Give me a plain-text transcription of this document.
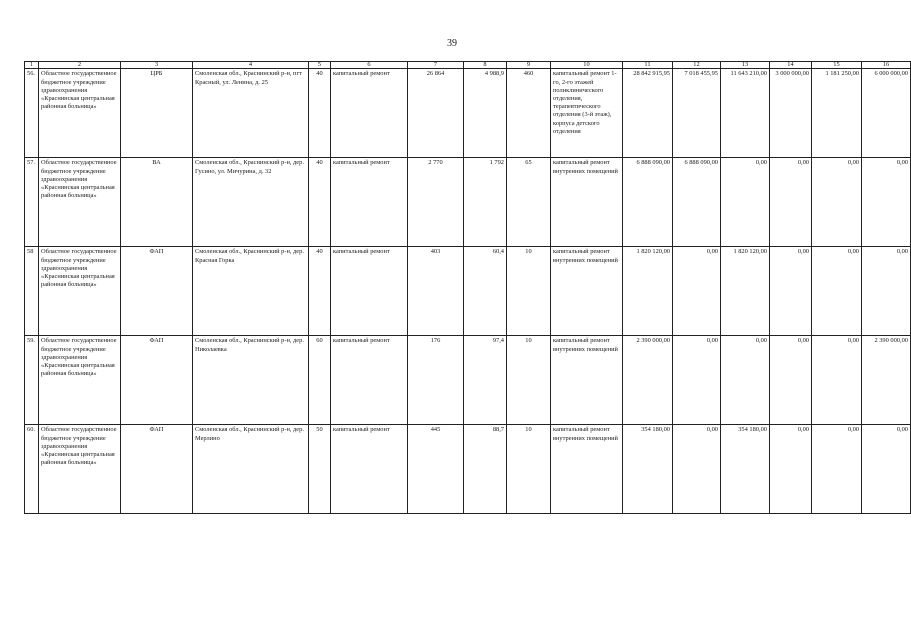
39
1	2	3	4	5	6	7	8	9	10	11	12	13	14	15	16
56.	Областное государственное бюджетное учреждение здравоохранения «Краснинская центральная районная больница»	ЦРБ	Смоленская обл., Краснинский р-н, пгт Красный, ул. Ленина, д. 25	40	капитальный ремонт	26 864	4 988,9	460	капитальный ремонт 1-го, 2-го этажей поликлинического отделения, терапевтического отделения (3-й этаж), корпуса детского отделения	28 842 915,95	7 018 455,95	11 643 210,00	3 000 000,00	1 181 250,00	6 000 000,00
57.	Областное государственное бюджетное учреждение здравоохранения «Краснинская центральная районная больница»	ВА	Смоленская обл., Краснинский р-н, дер. Гусино, ул. Мичурина, д. 32	40	капитальный ремонт	2 770	1 792	65	капитальный ремонт внутренних помещений	6 888 090,00	6 888 090,00	0,00	0,00	0,00	0,00
58	Областное государственное бюджетное учреждение здравоохранения «Краснинская центральная районная больница»	ФАП	Смоленская обл., Краснинский р-н, дер. Красная Горка	40	капитальный ремонт	403	60,4	10	капитальный ремонт внутренних помещений	1 820 120,00	0,00	1 820 120,00	0,00	0,00	0,00
59.	Областное государственное бюджетное учреждение здравоохранения «Краснинская центральная районная больница»	ФАП	Смоленская обл., Краснинский р-н, дер. Николаевка	60	капитальный ремонт	176	97,4	10	капитальный ремонт внутренних помещений	2 390 000,00	0,00	0,00	0,00	0,00	2 390 000,00
60.	Областное государственное бюджетное учреждение здравоохранения «Краснинская центральная районная больница»	ФАП	Смоленская обл., Краснинский р-н, дер. Мерлино	50	капитальный ремонт	445	88,7	10	капитальный ремонт внутренних помещений	354 180,00	0,00	354 180,00	0,00	0,00	0,00
